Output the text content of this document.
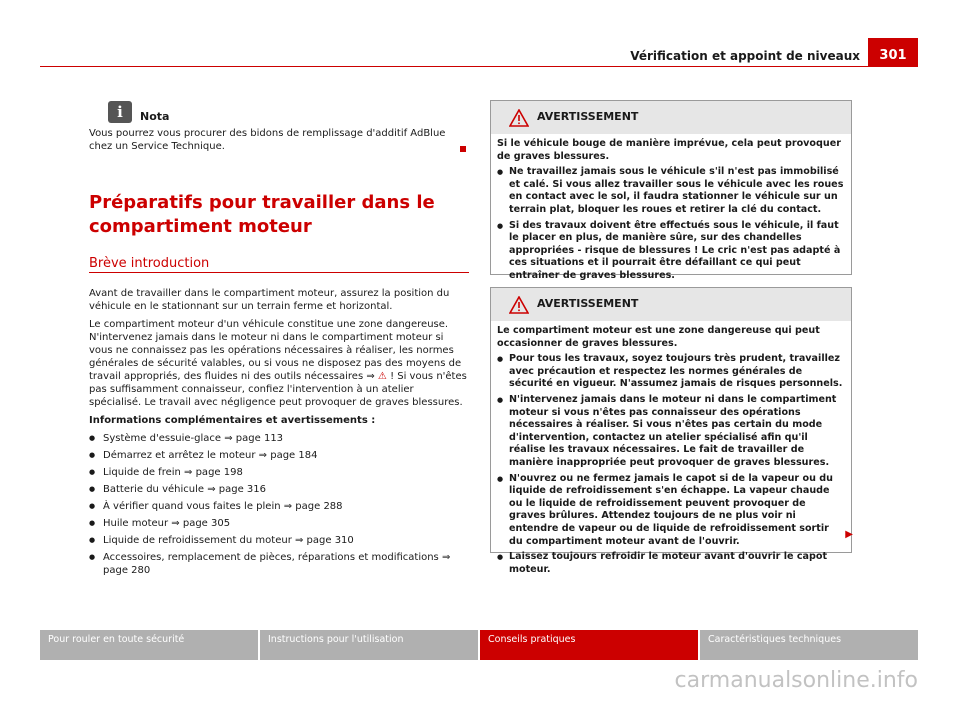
301
Vérification et appoint de niveaux
i	Nota
Vous pourrez vous procurer des bidons de remplissage d'additif AdBlue chez un Service Technique.
Préparatifs pour travailler dans le compartiment moteur
Brève introduction

Avant de travailler dans le compartiment moteur, assurez la position du véhicule en le stationnant sur un terrain ferme et horizontal.

Le compartiment moteur d'un véhicule constitue une zone dangereuse. N'intervenez jamais dans le moteur ni dans le compartiment moteur si vous ne connaissez pas les opérations nécessaires à réaliser, les normes générales de sécurité valables, ou si vous ne disposez pas des moyens de travail appropriés, des fluides ni des outils nécessaires ⇒ ⚠ ! Si vous n'êtes pas suffisamment connaisseur, confiez l'intervention à un atelier spécialisé. Le travail avec négligence peut provoquer de graves blessures.

Informations complémentaires et avertissements :

● Système d'essuie-glace ⇒ page 113
● Démarrez et arrêtez le moteur ⇒ page 184
● Liquide de frein ⇒ page 198
● Batterie du véhicule ⇒ page 316
● À vérifier quand vous faites le plein ⇒ page 288
● Huile moteur ⇒ page 305
● Liquide de refroidissement du moteur ⇒ page 310
● Accessoires, remplacement de pièces, réparations et modifications ⇒ page 280
AVERTISSEMENT

Si le véhicule bouge de manière imprévue, cela peut provoquer de graves blessures.

● Ne travaillez jamais sous le véhicule s'il n'est pas immobilisé et calé. Si vous allez travailler sous le véhicule avec les roues en contact avec le sol, il faudra stationner le véhicule sur un terrain plat, bloquer les roues et retirer la clé du contact.

● Si des travaux doivent être effectués sous le véhicule, il faut le placer en plus, de manière sûre, sur des chandelles appropriées - risque de blessures ! Le cric n'est pas adapté à ces situations et il pourrait être défaillant ce qui peut entraîner de graves blessures.

AVERTISSEMENT

Le compartiment moteur est une zone dangereuse qui peut occasionner de graves blessures.

● Pour tous les travaux, soyez toujours très prudent, travaillez avec précaution et respectez les normes générales de sécurité en vigueur. N'assumez jamais de risques personnels.

● N'intervenez jamais dans le moteur ni dans le compartiment moteur si vous n'êtes pas connaisseur des opérations nécessaires à réaliser. Si vous n'êtes pas certain du mode d'intervention, contactez un atelier spécialisé afin qu'il réalise les travaux nécessaires. Le fait de travailler de manière inappropriée peut provoquer de graves blessures.

● N'ouvrez ou ne fermez jamais le capot si de la vapeur ou du liquide de refroidissement s'en échappe. La vapeur chaude ou le liquide de refroidissement peuvent provoquer de graves brûlures. Attendez toujours de ne plus voir ni entendre de vapeur ou de liquide de refroidissement sortir du compartiment moteur avant de l'ouvrir.

● Laissez toujours refroidir le moteur avant d'ouvrir le capot moteur.

▶
Pour rouler en toute sécurité	Instructions pour l'utilisation	Conseils pratiques	Caractéristiques techniques
carmanualsonline.info
